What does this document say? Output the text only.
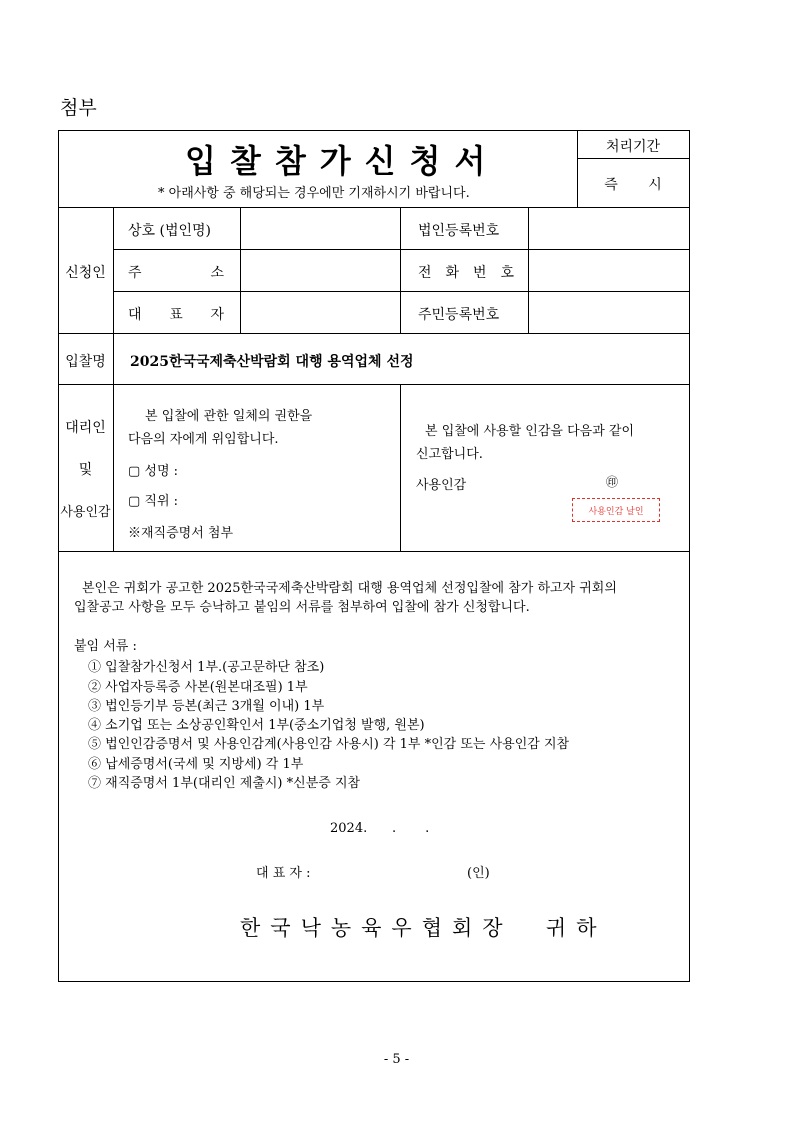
첨부
입찰참가신청서
* 아래사항 중 해당되는 경우에만 기재하시기 바랍니다.
처리기간
즉 시
신청인
상호 (법인명)	법인등록번호
주 소	전 화 번 호
대 표 자	주민등록번호
입찰명	2025한국국제축산박람회 대행 용역업체 선정
대리인
및
사용인감
본 입찰에 관한 일체의 권한을
다음의 자에게 위임합니다.
▢ 성명 :
▢ 직위 :
※재직증명서 첨부
본 입찰에 사용할 인감을 다음과 같이
신고합니다.
사용인감	㊞
사용인감 날인
본인은 귀회가 공고한 2025한국국제축산박람회 대행 용역업체 선정입찰에 참가 하고자 귀회의
입찰공고 사항을 모두 승낙하고 붙임의 서류를 첨부하여 입찰에 참가 신청합니다.
붙임 서류 :
① 입찰참가신청서 1부.(공고문하단 참조)
② 사업자등록증 사본(원본대조필) 1부
③ 법인등기부 등본(최근 3개월 이내) 1부
④ 소기업 또는 소상공인확인서 1부(중소기업청 발행, 원본)
⑤ 법인인감증명서 및 사용인감계(사용인감 사용시) 각 1부 *인감 또는 사용인감 지참
⑥ 납세증명서(국세 및 지방세) 각 1부
⑦ 재직증명서 1부(대리인 제출시) *신분증 지참
2024.      .       .
대 표 자 :	(인)
한국낙농육우협회장  귀하
- 5 -
